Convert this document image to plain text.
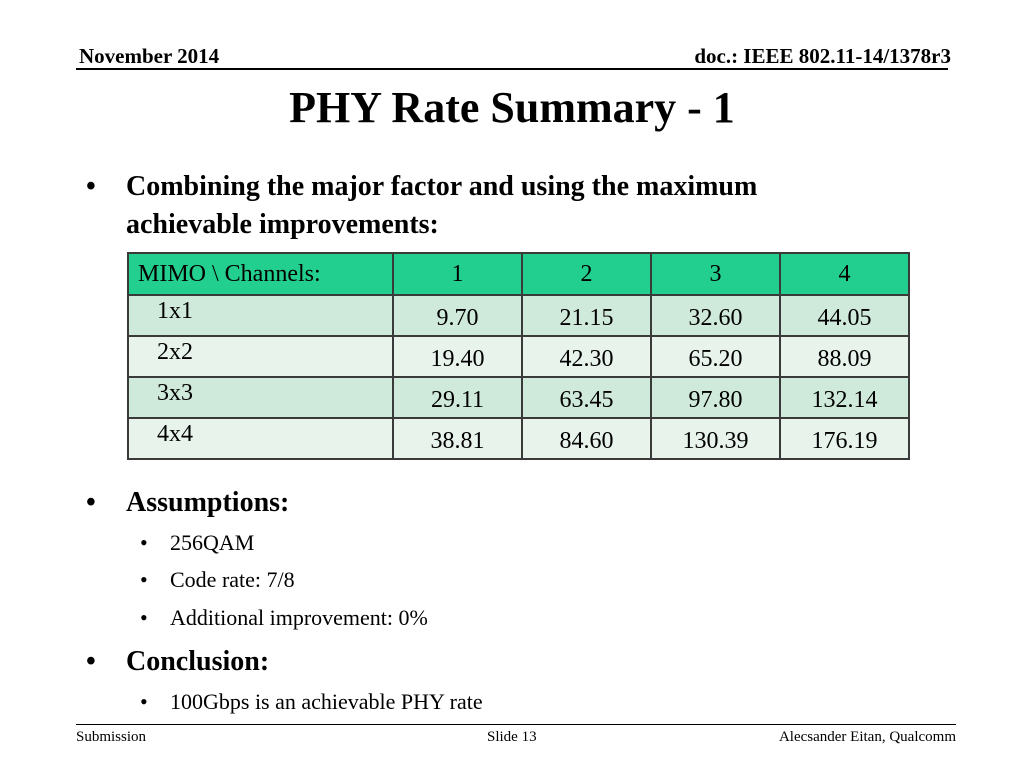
November 2014	doc.: IEEE 802.11-14/1378r3
PHY Rate Summary - 1
• Combining the major factor and using the maximum
achievable improvements:
MIMO \ Channels:	1	2	3	4
1x1	9.70	21.15	32.60	44.05
2x2	19.40	42.30	65.20	88.09
3x3	29.11	63.45	97.80	132.14
4x4	38.81	84.60	130.39	176.19
• Assumptions:
• 256QAM
• Code rate: 7/8
• Additional improvement: 0%
• Conclusion:
• 100Gbps is an achievable PHY rate
Submission	Slide 13	Alecsander Eitan, Qualcomm
